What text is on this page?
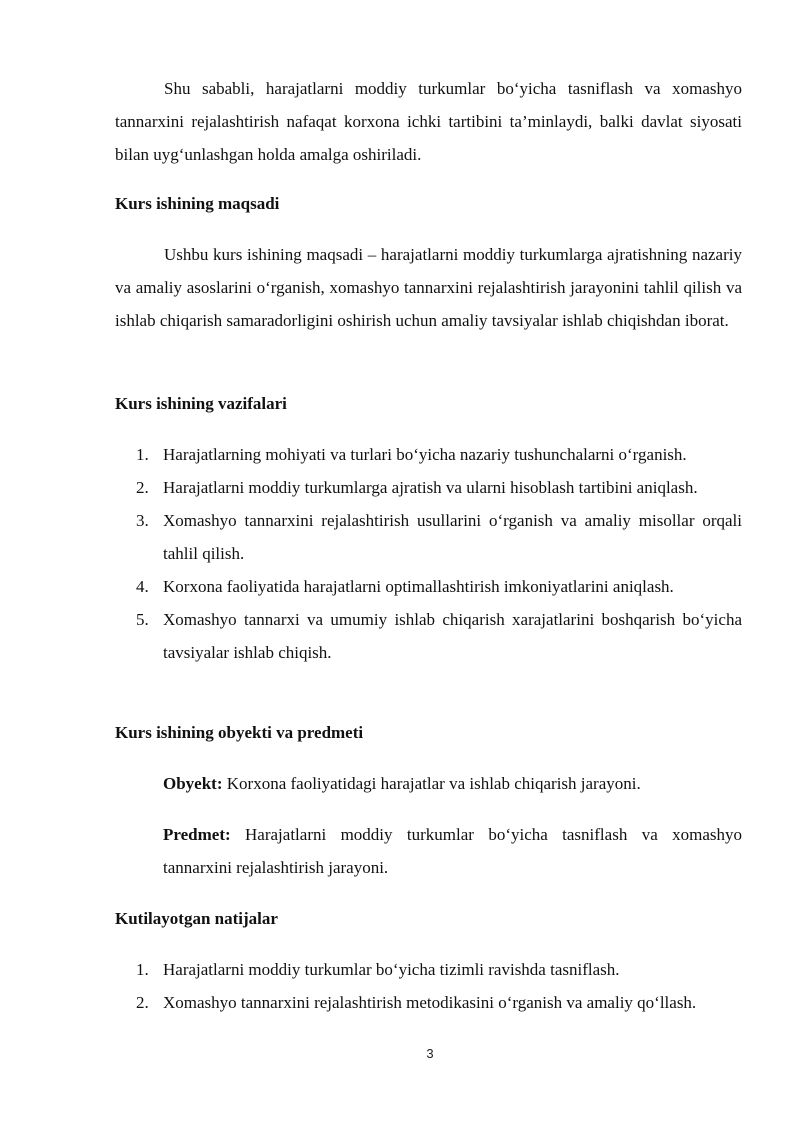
Shu sababli, harajatlarni moddiy turkumlar bo‘yicha tasniflash va xomashyo tannarxini rejalashtirish nafaqat korxona ichki tartibini ta’minlaydi, balki davlat siyosati bilan uyg‘unlashgan holda amalga oshiriladi.

Kurs ishining maqsadi

Ushbu kurs ishining maqsadi – harajatlarni moddiy turkumlarga ajratishning nazariy va amaliy asoslarini o‘rganish, xomashyo tannarxini rejalashtirish jarayonini tahlil qilish va ishlab chiqarish samaradorligini oshirish uchun amaliy tavsiyalar ishlab chiqishdan iborat.

Kurs ishining vazifalari
1. Harajatlarning mohiyati va turlari bo‘yicha nazariy tushunchalarni o‘rganish.
2. Harajatlarni moddiy turkumlarga ajratish va ularni hisoblash tartibini aniqlash.
3. Xomashyo tannarxini rejalashtirish usullarini o‘rganish va amaliy misollar orqali tahlil qilish.
4. Korxona faoliyatida harajatlarni optimallashtirish imkoniyatlarini aniqlash.
5. Xomashyo tannarxi va umumiy ishlab chiqarish xarajatlarini boshqarish bo‘yicha tavsiyalar ishlab chiqish.
Kurs ishining obyekti va predmeti

Obyekt: Korxona faoliyatidagi harajatlar va ishlab chiqarish jarayoni.

Predmet: Harajatlarni moddiy turkumlar bo‘yicha tasniflash va xomashyo tannarxini rejalashtirish jarayoni.

Kutilayotgan natijalar
1. Harajatlarni moddiy turkumlar bo‘yicha tizimli ravishda tasniflash.
2. Xomashyo tannarxini rejalashtirish metodikasini o‘rganish va amaliy qo‘llash.
3
